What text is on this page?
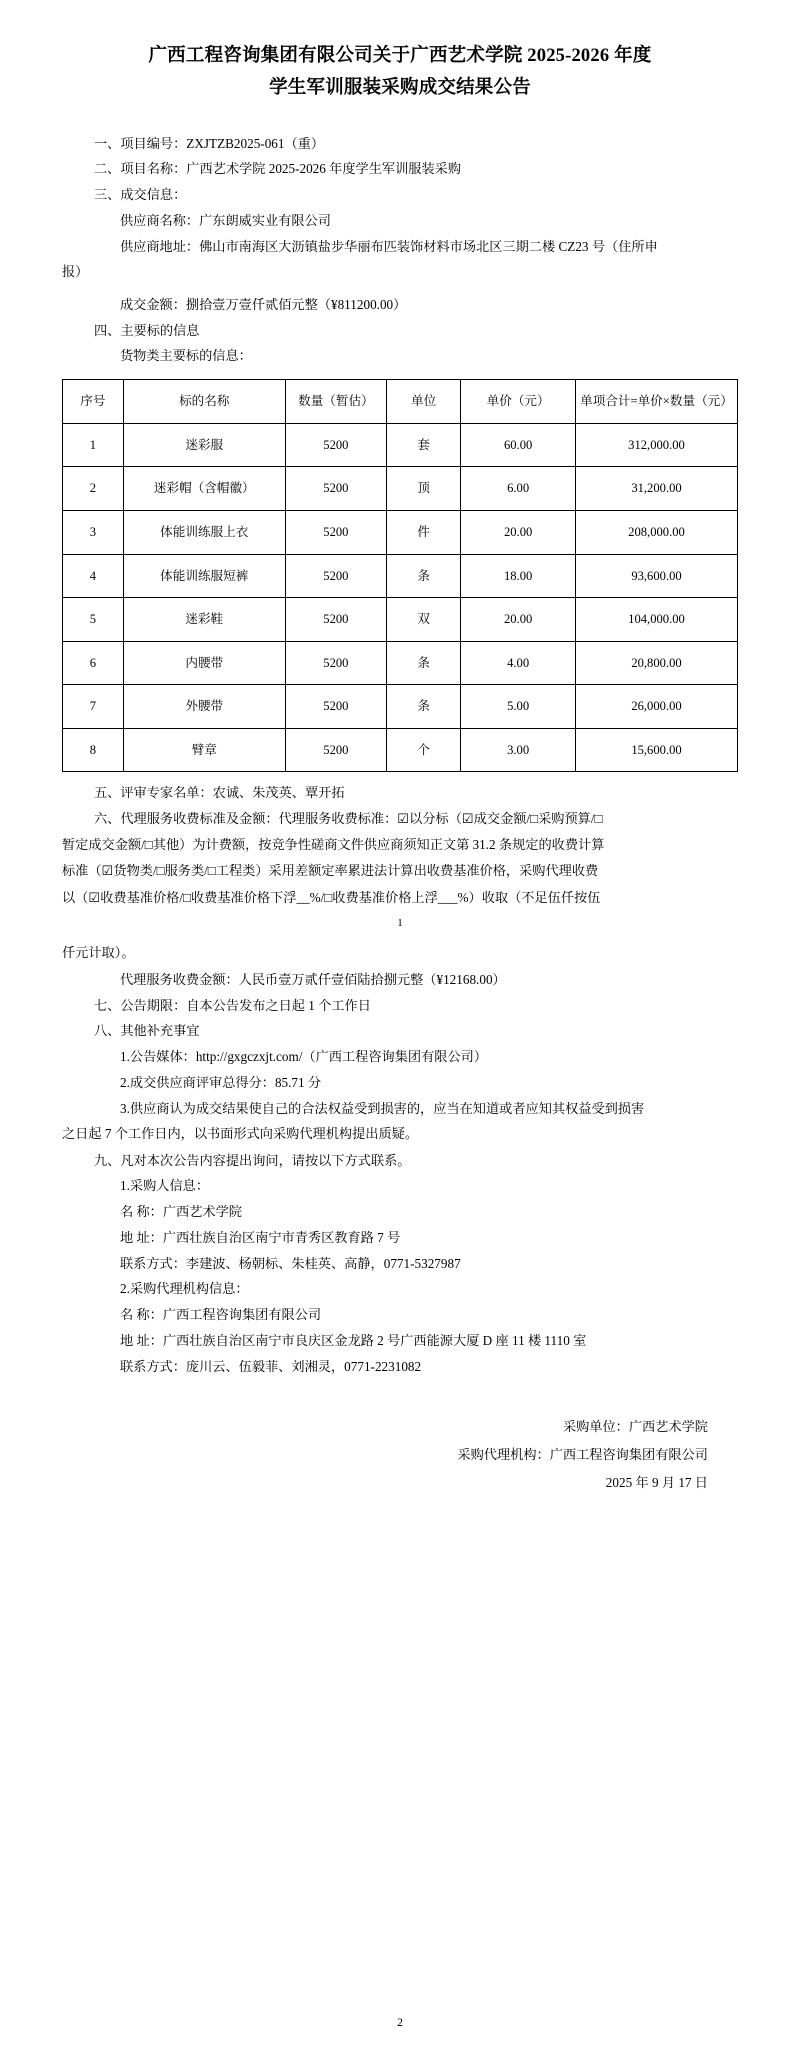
广西工程咨询集团有限公司关于广西艺术学院 2025-2026 年度
学生军训服装采购成交结果公告

一、项目编号：ZXJTZB2025-061（重）

二、项目名称：广西艺术学院 2025-2026 年度学生军训服装采购

三、成交信息：

供应商名称：广东朗威实业有限公司

供应商地址：佛山市南海区大沥镇盐步华丽布匹装饰材料市场北区三期二楼 CZ23 号（住所申

报）

成交金额：捌拾壹万壹仟贰佰元整（¥811200.00）

四、主要标的信息

货物类主要标的信息：

序号	标的名称	数量（暂估）	单位	单价（元）	单项合计=单价×数量（元）
1	迷彩服	5200	套	60.00	312,000.00
2	迷彩帽（含帽徽）	5200	顶	6.00	31,200.00
3	体能训练服上衣	5200	件	20.00	208,000.00
4	体能训练服短裤	5200	条	18.00	93,600.00
5	迷彩鞋	5200	双	20.00	104,000.00
6	内腰带	5200	条	4.00	20,800.00
7	外腰带	5200	条	5.00	26,000.00
8	臂章	5200	个	3.00	15,600.00

五、评审专家名单：农诚、朱茂英、覃开拓

六、代理服务收费标准及金额：代理服务收费标准：☑以分标（☑成交金额/□采购预算/□

暂定成交金额/□其他）为计费额，按竞争性磋商文件供应商须知正文第 31.2 条规定的收费计算

标准（☑货物类/□服务类/□工程类）采用差额定率累进法计算出收费基准价格，采购代理收费

以（☑收费基准价格/□收费基准价格下浮__%/□收费基准价格上浮___%）收取（不足伍仟按伍

1

仟元计取）。

代理服务收费金额：人民币壹万贰仟壹佰陆拾捌元整（¥12168.00）

七、公告期限：自本公告发布之日起 1 个工作日

八、其他补充事宜

1.公告媒体：http://gxgczxjt.com/（广西工程咨询集团有限公司）

2.成交供应商评审总得分：85.71 分

3.供应商认为成交结果使自己的合法权益受到损害的，应当在知道或者应知其权益受到损害

之日起 7 个工作日内，以书面形式向采购代理机构提出质疑。

九、凡对本次公告内容提出询问，请按以下方式联系。

1.采购人信息：

名 称：广西艺术学院

地 址：广西壮族自治区南宁市青秀区教育路 7 号

联系方式：李建波、杨朝标、朱桂英、高静，0771-5327987

2.采购代理机构信息：

名 称：广西工程咨询集团有限公司

地 址：广西壮族自治区南宁市良庆区金龙路 2 号广西能源大厦 D 座 11 楼 1110 室

联系方式：庞川云、伍毅菲、刘湘灵，0771-2231082

采购单位：广西艺术学院
采购代理机构：广西工程咨询集团有限公司
2025 年 9 月 17 日
2
